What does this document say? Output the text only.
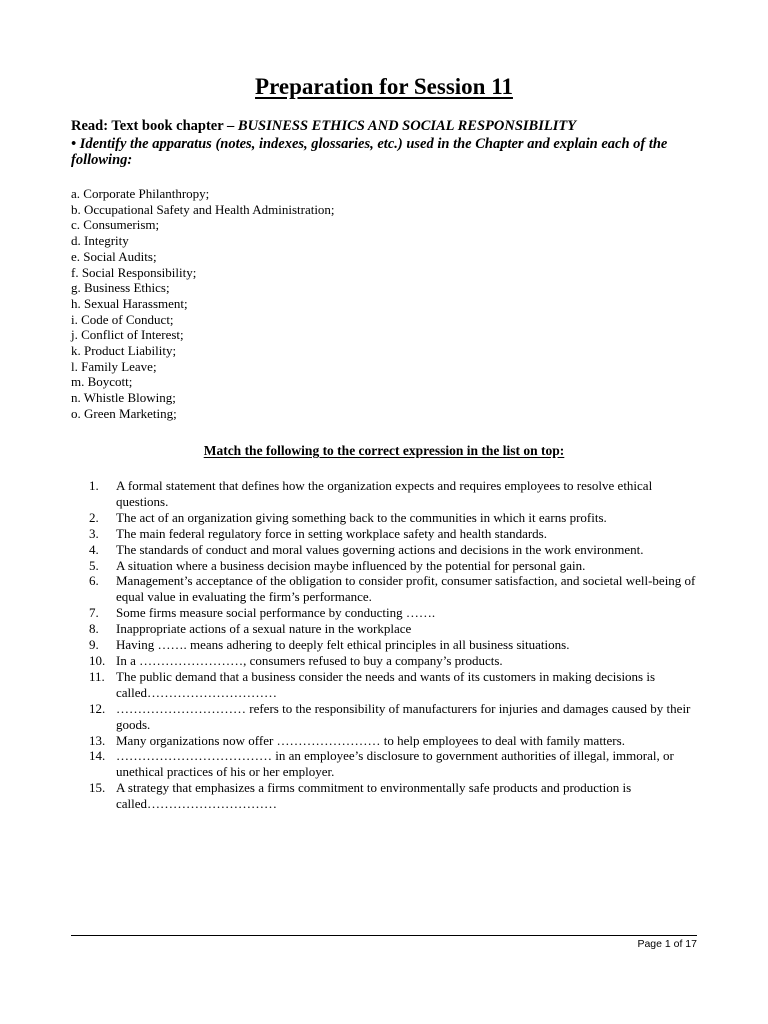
Preparation for Session 11
Read: Text book chapter – BUSINESS ETHICS AND SOCIAL RESPONSIBILITY
• Identify the apparatus (notes, indexes, glossaries, etc.) used in the Chapter and explain each of the following:
a. Corporate Philanthropy;
b. Occupational Safety and Health Administration;
c. Consumerism;
d. Integrity
e. Social Audits;
f. Social Responsibility;
g. Business Ethics;
h. Sexual Harassment;
i. Code of Conduct;
j. Conflict of Interest;
k. Product Liability;
l. Family Leave;
m. Boycott;
n. Whistle Blowing;
o. Green Marketing;
Match the following to the correct expression in the list on top:
1.	A formal statement that defines how the organization expects and requires employees to resolve ethical questions.
2.	The act of an organization giving something back to the communities in which it earns profits.
3.	The main federal regulatory force in setting workplace safety and health standards.
4.	The standards of conduct and moral values governing actions and decisions in the work environment.
5.	A situation where a business decision maybe influenced by the potential for personal gain.
6.	Management’s acceptance of the obligation to consider profit, consumer satisfaction, and societal well-being of equal value in evaluating the firm’s performance.
7.	Some firms measure social performance by conducting …….
8.	Inappropriate actions of a sexual nature in the workplace
9.	Having ……. means adhering to deeply felt ethical principles in all business situations.
10. In a ……………………, consumers refused to buy a company’s products.
11. The public demand that a business consider the needs and wants of its customers in making decisions is called…………………………
12. ………………………… refers to the responsibility of manufacturers for injuries and damages caused by their goods.
13. Many organizations now offer …………………… to help employees to deal with family matters.
14. ……………………………… in an employee’s disclosure to government authorities of illegal, immoral, or unethical practices of his or her employer.
15. A strategy that emphasizes a firms commitment to environmentally safe products and production is called…………………………
Page 1 of 17
